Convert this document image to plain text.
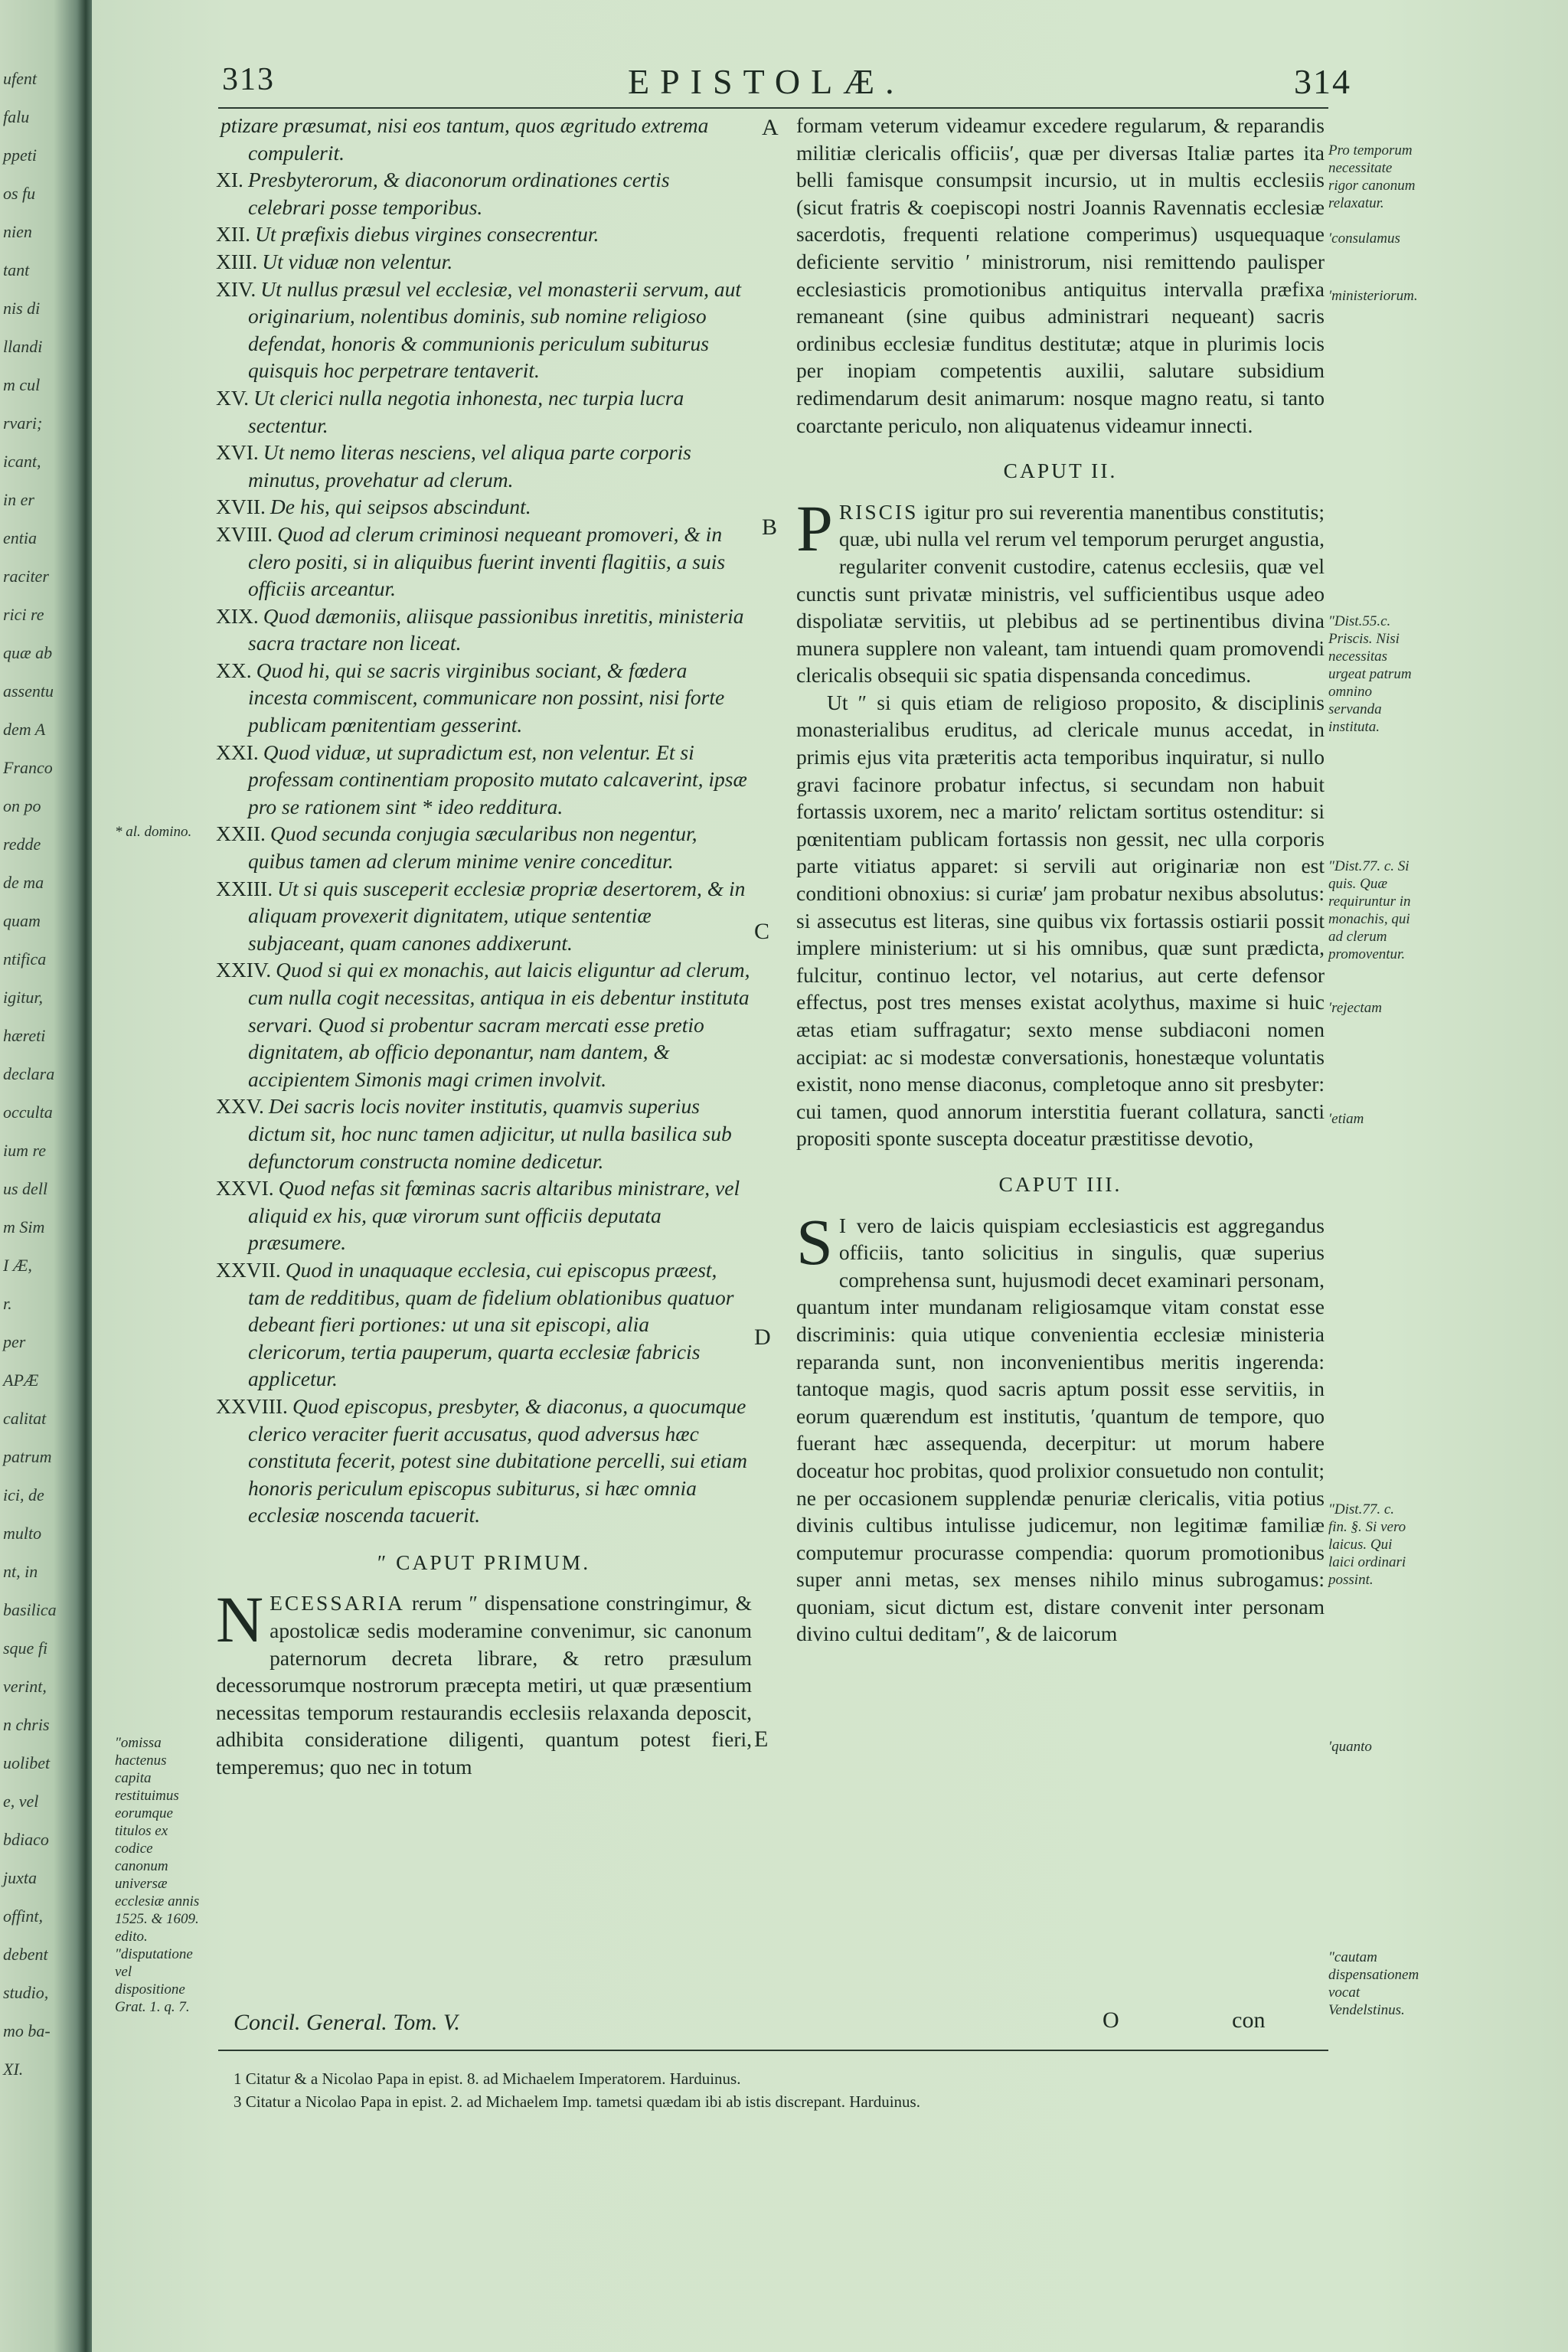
ufent
falu
ppeti
os fu
nien
tant
nis di
llandi
m cul
rvari;
icant,
in er
entia
raciter
rici re
quæ ab
assentu
dem A
Franco
on po
redde
de ma
quam
ntifica
igitur,
hæreti
declara
occulta
ium re
us dell
m Sim
I Æ,
r.
per
APÆ
calitat
patrum
ici, de
multo
nt, in
basilica
sque fi
verint,
n chris
uolibet
e, vel
bdiaco
juxta
offint,
debent
studio,
mo ba-
XI.
313	EPISTOLÆ.	314
ptizare præsumat, nisi eos tantum, quos ægritudo extrema compulerit.
XI. Presbyterorum, & diaconorum ordinationes certis celebrari posse temporibus.
XII. Ut præfixis diebus virgines consecrentur.
XIII. Ut viduæ non velentur.
XIV. Ut nullus præsul vel ecclesiæ, vel monasterii servum, aut originarium, nolentibus dominis, sub nomine religioso defendat, honoris & communionis periculum subiturus quisquis hoc perpetrare tentaverit.
XV. Ut clerici nulla negotia inhonesta, nec turpia lucra sectentur.
XVI. Ut nemo literas nesciens, vel aliqua parte corporis minutus, provehatur ad clerum.
XVII. De his, qui seipsos abscindunt.
XVIII. Quod ad clerum criminosi nequeant promoveri, & in clero positi, si in aliquibus fuerint inventi flagitiis, a suis officiis arceantur.
XIX. Quod dæmoniis, aliisque passionibus inretitis, ministeria sacra tractare non liceat.
XX. Quod hi, qui se sacris virginibus sociant, & fœdera incesta commiscent, communicare non possint, nisi forte publicam pœnitentiam gesserint.
XXI. Quod viduæ, ut supradictum est, non velentur. Et si professam continentiam proposito mutato calcaverint, ipsæ pro se rationem sint * ideo redditura.
XXII. Quod secunda conjugia sæcularibus non negentur, quibus tamen ad clerum minime venire conceditur.
XXIII. Ut si quis susceperit ecclesiæ propriæ desertorem, & in aliquam provexerit dignitatem, utique sententiæ subjaceant, quam canones addixerunt.
XXIV. Quod si qui ex monachis, aut laicis eliguntur ad clerum, cum nulla cogit necessitas, antiqua in eis debentur instituta servari. Quod si probentur sacram mercati esse pretio dignitatem, ab officio deponantur, nam dantem, & accipientem Simonis magi crimen involvit.
XXV. Dei sacris locis noviter institutis, quamvis superius dictum sit, hoc nunc tamen adjicitur, ut nulla basilica sub defunctorum constructa nomine dedicetur.
XXVI. Quod nefas sit fœminas sacris altaribus ministrare, vel aliquid ex his, quæ virorum sunt officiis deputata præsumere.
XXVII. Quod in unaquaque ecclesia, cui episcopus præest, tam de redditibus, quam de fidelium oblationibus quatuor debeant fieri portiones: ut una sit episcopi, alia clericorum, tertia pauperum, quarta ecclesiæ fabricis applicetur.
XXVIII. Quod episcopus, presbyter, & diaconus, a quocumque clerico veraciter fuerit accusatus, quod adversus hæc constituta fecerit, potest sine dubitatione percelli, sui etiam honoris periculum episcopus subiturus, si hæc omnia ecclesiæ noscenda tacuerit.
″ CAPUT PRIMUM.
N ECESSARIA rerum ″ dispensatione constringimur, & apostolicæ sedis moderamine convenimur, sic canonum paternorum decreta librare, & retro præsulum decessorumque nostrorum præcepta metiri, ut quæ præsentium necessitas temporum restaurandis ecclesiis relaxanda deposcit, adhibita consideratione diligenti, quantum potest fieri, temperemus; quo nec in totum
formam veterum videamur excedere regularum, & reparandis militiæ clericalis officiis′, quæ per diversas Italiæ partes ita belli famisque consumpsit incursio, ut in multis ecclesiis (sicut fratris & coepiscopi nostri Joannis Ravennatis ecclesiæ sacerdotis, frequenti relatione comperimus) usquequaque deficiente servitio ′ ministrorum, nisi remittendo paulisper ecclesiasticis promotionibus antiquitus intervalla præfixa remaneant (sine quibus administrari nequeant) sacris ordinibus ecclesiæ funditus destitutæ; atque in plurimis locis per inopiam competentis auxilii, salutare subsidium redimendarum desit animarum: nosque magno reatu, si tanto coarctante periculo, non aliquatenus videamur innecti.
CAPUT II.
P RISCIS igitur pro sui reverentia manentibus constitutis; quæ, ubi nulla vel rerum vel temporum perurget angustia, regulariter convenit custodire, catenus ecclesiis, quæ vel cunctis sunt privatæ ministris, vel sufficientibus usque adeo dispoliatæ servitiis, ut plebibus ad se pertinentibus divina munera supplere non valeant, tam intuendi quam promovendi clericalis obsequii sic spatia dispensanda concedimus.
Ut ″ si quis etiam de religioso proposito, & disciplinis monasterialibus eruditus, ad clericale munus accedat, in primis ejus vita præteritis acta temporibus inquiratur, si nullo gravi facinore probatur infectus, si secundam non habuit fortassis uxorem, nec a marito′ relictam sortitus ostenditur: si pœnitentiam publicam fortassis non gessit, nec ulla corporis parte vitiatus apparet: si servili aut originariæ non est conditioni obnoxius: si curiæ′ jam probatur nexibus absolutus: si assecutus est literas, sine quibus vix fortassis ostiarii possit implere ministerium: ut si his omnibus, quæ sunt prædicta, fulcitur, continuo lector, vel notarius, aut certe defensor effectus, post tres menses existat acolythus, maxime si huic ætas etiam suffragatur; sexto mense subdiaconi nomen accipiat: ac si modestæ conversationis, honestæque voluntatis existit, nono mense diaconus, completoque anno sit presbyter: cui tamen, quod annorum interstitia fuerant collatura, sancti propositi sponte suscepta doceatur præstitisse devotio,
CAPUT III.
S I vero de laicis quispiam ecclesiasticis est aggregandus officiis, tanto solicitius in singulis, quæ superius comprehensa sunt, hujusmodi decet examinari personam, quantum inter mundanam religiosamque vitam constat esse discriminis: quia utique convenientia ecclesiæ ministeria reparanda sunt, non inconvenientibus meritis ingerenda: tantoque magis, quod sacris aptum possit esse servitiis, in eorum quærendum est institutis, ′quantum de tempore, quo fuerant hæc assequenda, decerpitur: ut morum habere doceatur hoc probitas, quod prolixior consuetudo non contulit; ne per occasionem supplendæ penuriæ clericalis, vitia potius divinis cultibus intulisse judicemur, non legitimæ familiæ computemur procurasse compendia: quorum promotionibus super anni metas, sex menses nihilo minus subrogamus: quoniam, sicut dictum est, distare convenit inter personam divino cultui deditam″, & de laicorum
A
B
C
D
E
Pro temporum necessitate rigor canonum relaxatur.
′consulamus
′ministeriorum.
″Dist.55.c. Priscis. Nisi necessitas urgeat patrum omnino servanda instituta.
″Dist.77. c. Si quis. Quæ requiruntur in monachis, qui ad clerum promoventur.
′rejectam
′etiam
″Dist.77. c. fin. §. Si vero laicus. Qui laici ordinari possint.
′quanto
″cautam dispensationem vocat Vendelstinus.
* al. domino.
″omissa hactenus capita restituimus eorumque titulos ex codice canonum universæ ecclesiæ annis 1525. & 1609. edito. ″disputatione vel dispositione Grat. 1. q. 7.
Concil. General. Tom. V.	O	con
1 Citatur & a Nicolao Papa in epist. 8. ad Michaelem Imperatorem. Harduinus.
3 Citatur a Nicolao Papa in epist. 2. ad Michaelem Imp. tametsi quædam ibi ab istis discrepant. Harduinus.
